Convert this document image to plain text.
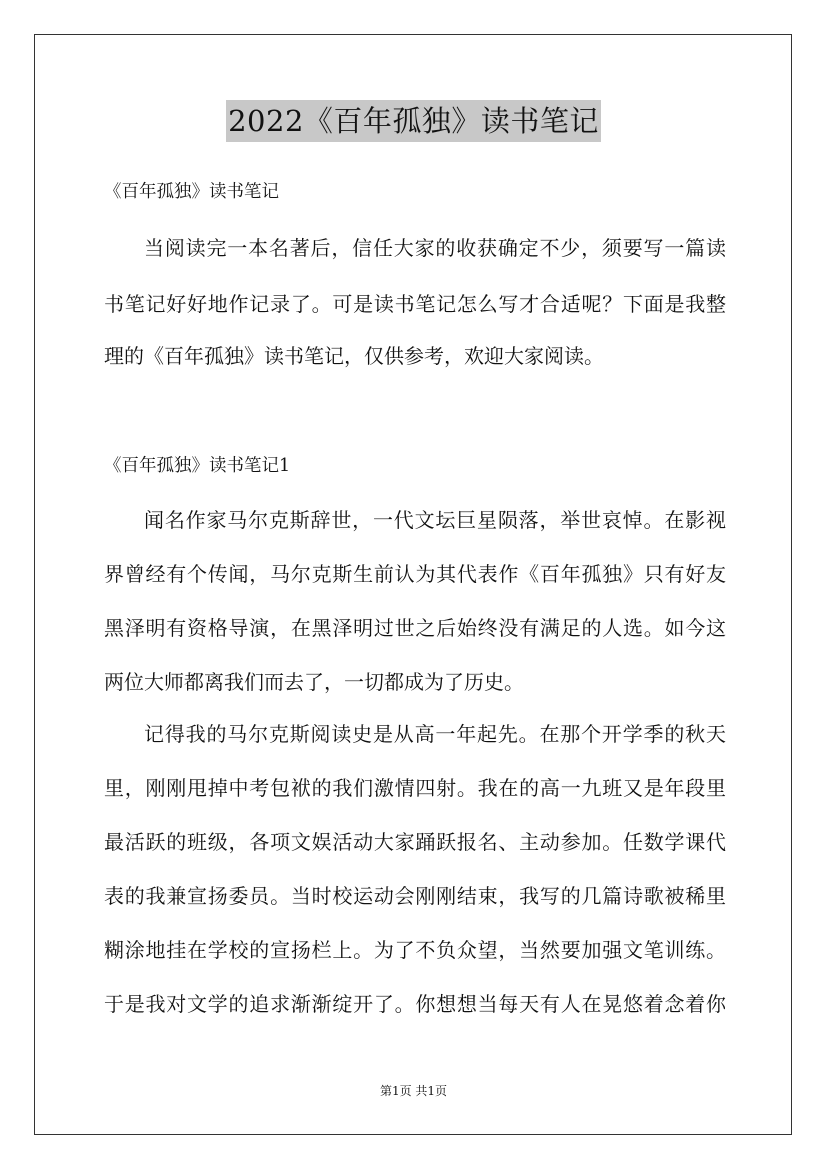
2022《百年孤独》读书笔记
《百年孤独》读书笔记
当阅读完一本名著后，信任大家的收获确定不少，须要写一篇读
书笔记好好地作记录了。可是读书笔记怎么写才合适呢？下面是我整
理的《百年孤独》读书笔记，仅供参考，欢迎大家阅读。
《百年孤独》读书笔记1
闻名作家马尔克斯辞世，一代文坛巨星陨落，举世哀悼。在影视
界曾经有个传闻，马尔克斯生前认为其代表作《百年孤独》只有好友
黑泽明有资格导演，在黑泽明过世之后始终没有满足的人选。如今这
两位大师都离我们而去了，一切都成为了历史。
记得我的马尔克斯阅读史是从高一年起先。在那个开学季的秋天
里，刚刚甩掉中考包袱的我们激情四射。我在的高一九班又是年段里
最活跃的班级，各项文娱活动大家踊跃报名、主动参加。任数学课代
表的我兼宣扬委员。当时校运动会刚刚结束，我写的几篇诗歌被稀里
糊涂地挂在学校的宣扬栏上。为了不负众望，当然要加强文笔训练。
于是我对文学的追求渐渐绽开了。你想想当每天有人在晃悠着念着你
第1页 共1页
